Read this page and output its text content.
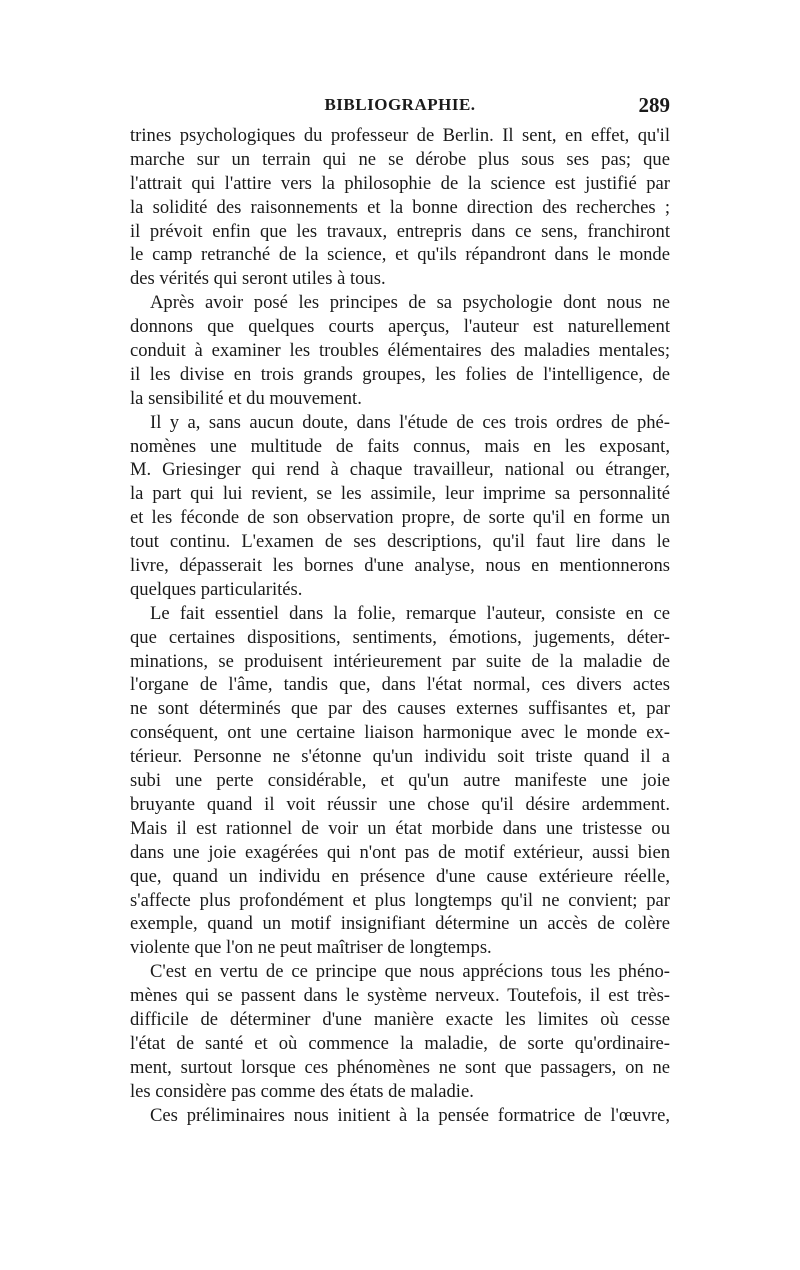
BIBLIOGRAPHIE.	289
trines psychologiques du professeur de Berlin. Il sent, en effet, qu'il
marche sur un terrain qui ne se dérobe plus sous ses pas; que
l'attrait qui l'attire vers la philosophie de la science est justifié par
la solidité des raisonnements et la bonne direction des recherches ;
il prévoit enfin que les travaux, entrepris dans ce sens, franchiront
le camp retranché de la science, et qu'ils répandront dans le monde
des vérités qui seront utiles à tous.
Après avoir posé les principes de sa psychologie dont nous ne
donnons que quelques courts aperçus, l'auteur est naturellement
conduit à examiner les troubles élémentaires des maladies mentales;
il les divise en trois grands groupes, les folies de l'intelligence, de
la sensibilité et du mouvement.
Il y a, sans aucun doute, dans l'étude de ces trois ordres de phé-
nomènes une multitude de faits connus, mais en les exposant,
M. Griesinger qui rend à chaque travailleur, national ou étranger,
la part qui lui revient, se les assimile, leur imprime sa personnalité
et les féconde de son observation propre, de sorte qu'il en forme un
tout continu. L'examen de ses descriptions, qu'il faut lire dans le
livre, dépasserait les bornes d'une analyse, nous en mentionnerons
quelques particularités.
Le fait essentiel dans la folie, remarque l'auteur, consiste en ce
que certaines dispositions, sentiments, émotions, jugements, déter-
minations, se produisent intérieurement par suite de la maladie de
l'organe de l'âme, tandis que, dans l'état normal, ces divers actes
ne sont déterminés que par des causes externes suffisantes et, par
conséquent, ont une certaine liaison harmonique avec le monde ex-
térieur. Personne ne s'étonne qu'un individu soit triste quand il a
subi une perte considérable, et qu'un autre manifeste une joie
bruyante quand il voit réussir une chose qu'il désire ardemment.
Mais il est rationnel de voir un état morbide dans une tristesse ou
dans une joie exagérées qui n'ont pas de motif extérieur, aussi bien
que, quand un individu en présence d'une cause extérieure réelle,
s'affecte plus profondément et plus longtemps qu'il ne convient; par
exemple, quand un motif insignifiant détermine un accès de colère
violente que l'on ne peut maîtriser de longtemps.
C'est en vertu de ce principe que nous apprécions tous les phéno-
mènes qui se passent dans le système nerveux. Toutefois, il est très-
difficile de déterminer d'une manière exacte les limites où cesse
l'état de santé et où commence la maladie, de sorte qu'ordinaire-
ment, surtout lorsque ces phénomènes ne sont que passagers, on ne
les considère pas comme des états de maladie.
Ces préliminaires nous initient à la pensée formatrice de l'œuvre,
